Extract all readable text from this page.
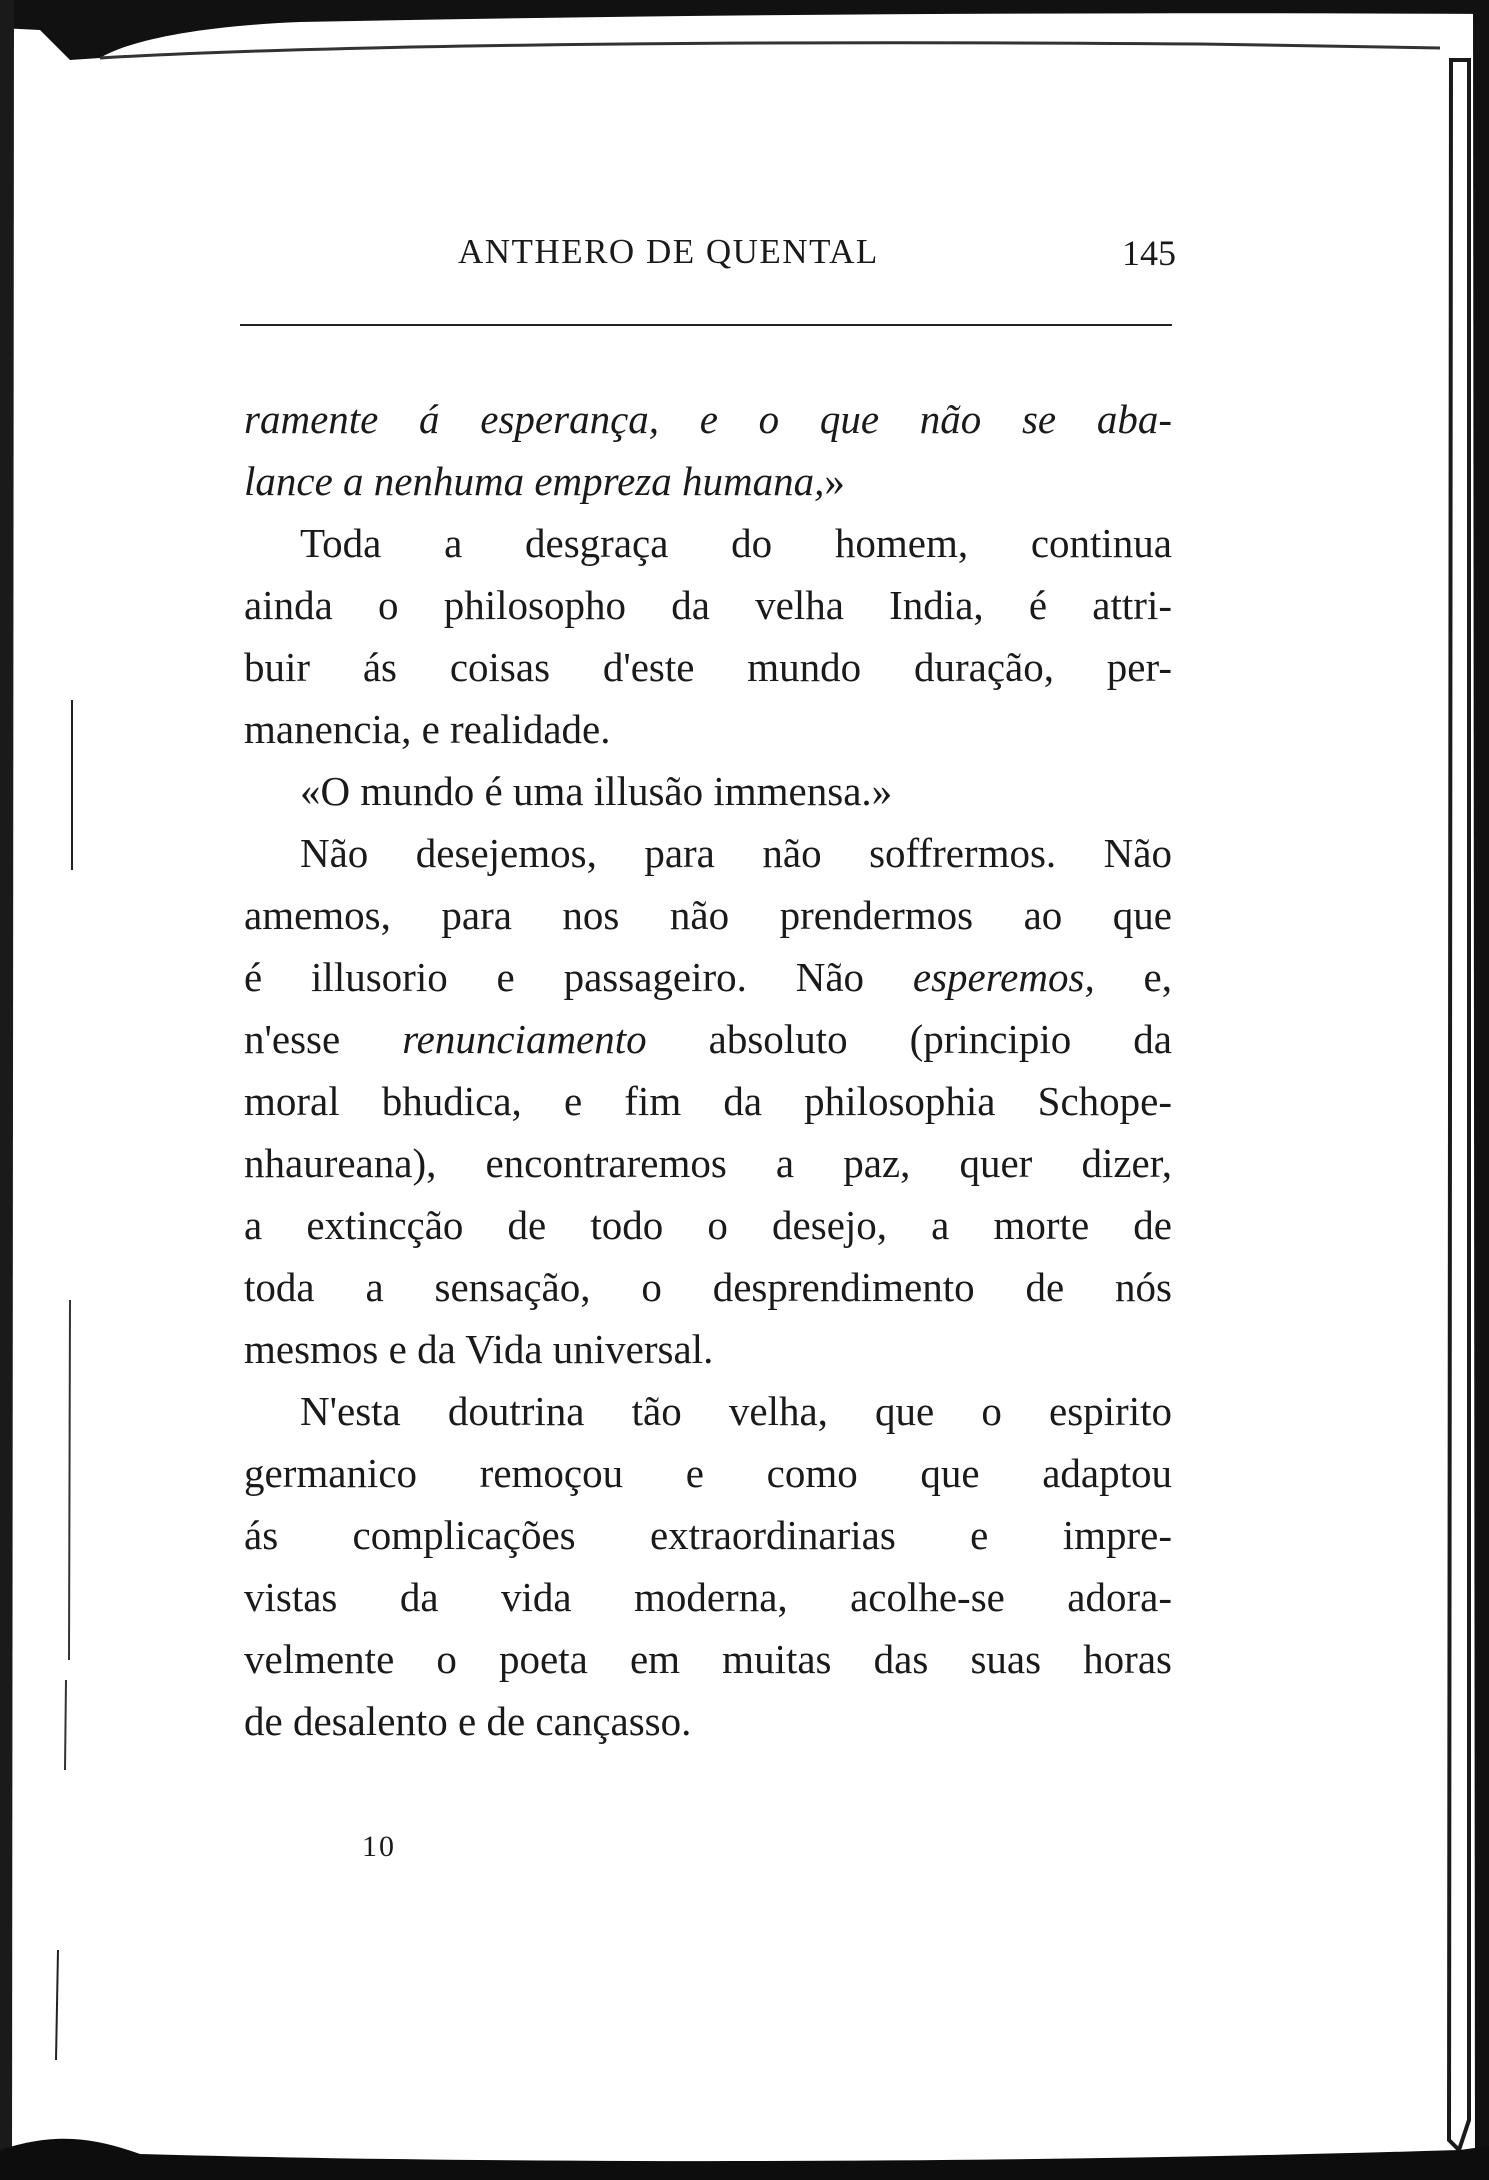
ANTHERO DE QUENTAL	145
ramente á esperança, e o que não se aba-
lance a nenhuma empreza humana,»
Toda a desgraça do homem, continua
ainda o philosopho da velha India, é attri-
buir ás coisas d'este mundo duração, per-
manencia, e realidade.
«O mundo é uma illusão immensa.»
Não desejemos, para não soffrermos. Não
amemos, para nos não prendermos ao que
é illusorio e passageiro. Não esperemos, e,
n'esse renunciamento absoluto (principio da
moral bhudica, e fim da philosophia Schope-
nhaureana), encontraremos a paz, quer dizer,
a extincção de todo o desejo, a morte de
toda a sensação, o desprendimento de nós
mesmos e da Vida universal.
N'esta doutrina tão velha, que o espirito
germanico remoçou e como que adaptou
ás complicações extraordinarias e impre-
vistas da vida moderna, acolhe-se adora-
velmente o poeta em muitas das suas horas
de desalento e de cançasso.
10
